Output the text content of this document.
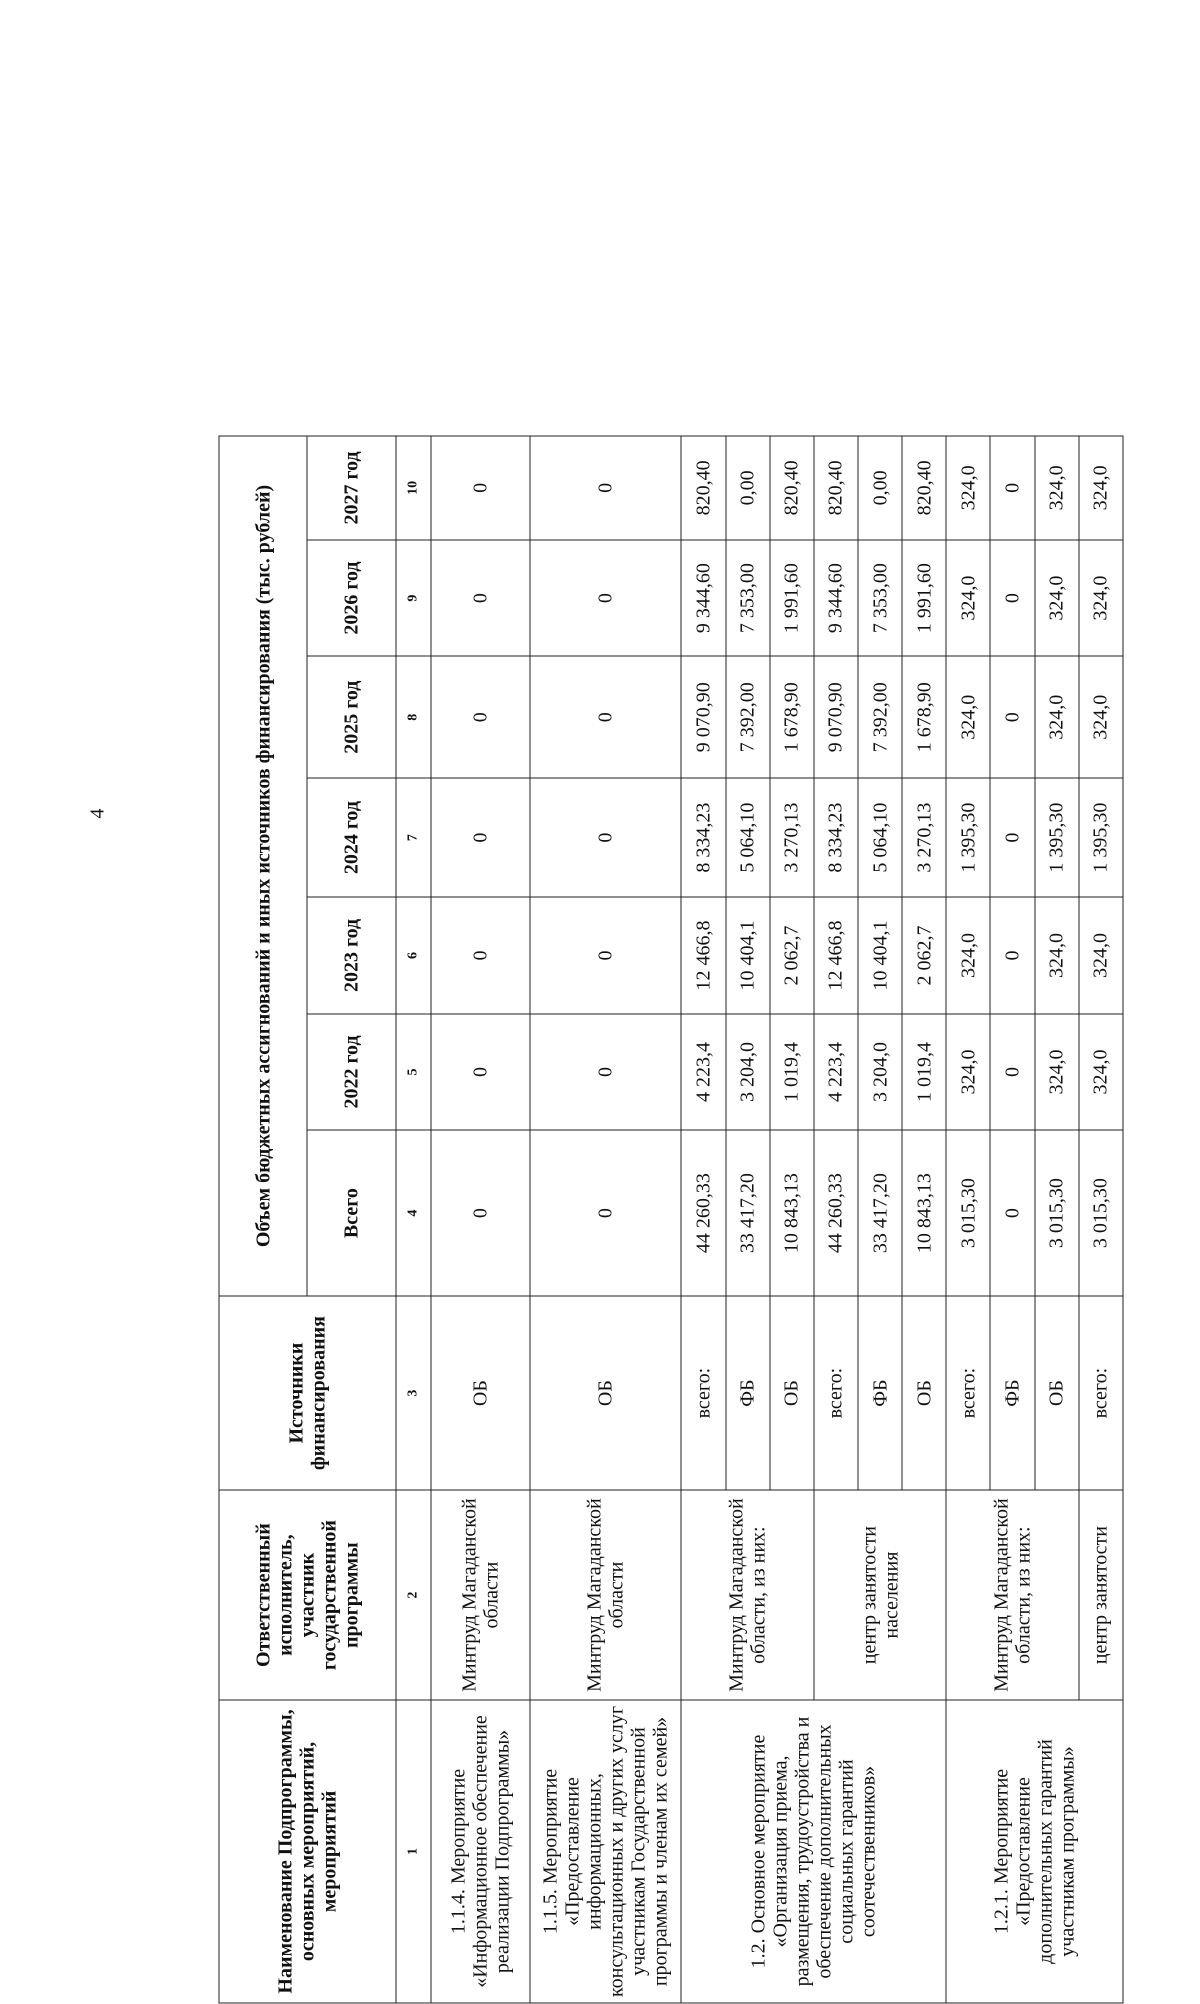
4
Наименование Подпрограммы, основных мероприятий, мероприятий	Ответственный исполнитель, участник государственной программы	Источники финансирования	Объем бюджетных ассигнований и иных источников финансирования (тыс. рублей)						
			Всего	2022 год	2023 год	2024 год	2025 год	2026 год	2027 год
1	2	3	4	5	6	7	8	9	10
1.1.4. Мероприятие «Информационное обеспечение реализации Подпрограммы»	Минтруд Магаданской области	ОБ	0	0	0	0	0	0	0
1.1.5. Мероприятие «Предоставление информационных, консультационных и других услуг участникам Государственной программы и членам их семей»	Минтруд Магаданской области	ОБ	0	0	0	0	0	0	0
1.2. Основное мероприятие «Организация приема, размещения, трудоустройства и обеспечение дополнительных социальных гарантий соотечественников»	Минтруд Магаданской области, из них:	всего:	44 260,33	4 223,4	12 466,8	8 334,23	9 070,90	9 344,60	820,40
		ФБ	33 417,20	3 204,0	10 404,1	5 064,10	7 392,00	7 353,00	0,00
		ОБ	10 843,13	1 019,4	2 062,7	3 270,13	1 678,90	1 991,60	820,40
	центр занятости населения	всего:	44 260,33	4 223,4	12 466,8	8 334,23	9 070,90	9 344,60	820,40
		ФБ	33 417,20	3 204,0	10 404,1	5 064,10	7 392,00	7 353,00	0,00
		ОБ	10 843,13	1 019,4	2 062,7	3 270,13	1 678,90	1 991,60	820,40
1.2.1. Мероприятие «Предоставление дополнительных гарантий участникам программы»	Минтруд Магаданской области, из них:	всего:	3 015,30	324,0	324,0	1 395,30	324,0	324,0	324,0
		ФБ	0	0	0	0	0	0	0
		ОБ	3 015,30	324,0	324,0	1 395,30	324,0	324,0	324,0
	центр занятости	всего:	3 015,30	324,0	324,0	1 395,30	324,0	324,0	324,0
